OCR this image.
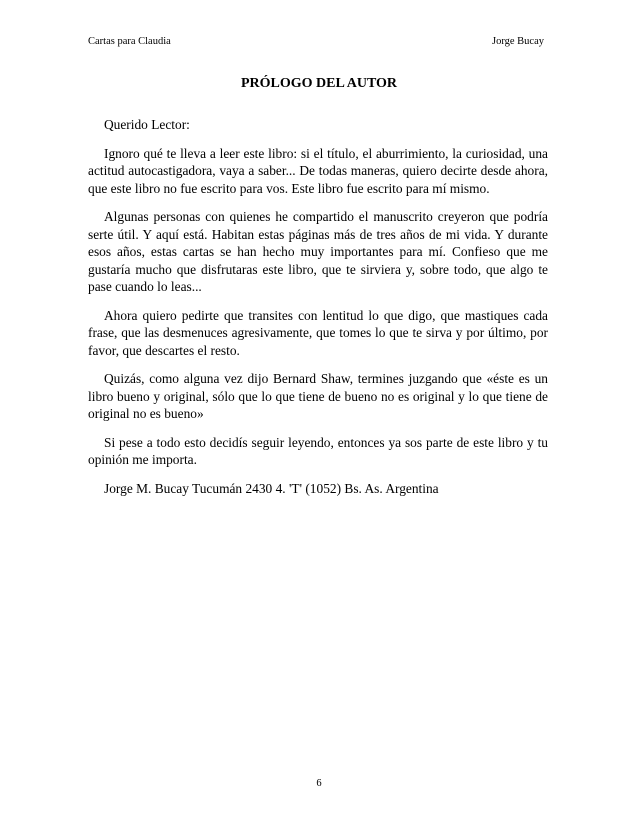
Cartas para Claudia	Jorge Bucay
PRÓLOGO DEL AUTOR

Querido Lector:

Ignoro qué te lleva a leer este libro: si el título, el aburrimiento, la curiosidad, una actitud autocastigadora, vaya a saber... De todas maneras, quiero decirte desde ahora, que este libro no fue escrito para vos. Este libro fue escrito para mí mismo.

Algunas personas con quienes he compartido el manuscrito creyeron que podría serte útil. Y aquí está. Habitan estas páginas más de tres años de mi vida. Y durante esos años, estas cartas se han hecho muy importantes para mí. Confieso que me gustaría mucho que disfrutaras este libro, que te sirviera y, sobre todo, que algo te pase cuando lo leas...

Ahora quiero pedirte que transites con lentitud lo que digo, que mastiques cada frase, que las desmenuces agresivamente, que tomes lo que te sirva y por último, por favor, que descartes el resto.

Quizás, como alguna vez dijo Bernard Shaw, termines juzgando que «éste es un libro bueno y original, sólo que lo que tiene de bueno no es original y lo que tiene de original no es bueno»

Si pese a todo esto decidís seguir leyendo, entonces ya sos parte de este libro y tu opinión me importa.

Jorge M. Bucay Tucumán 2430 4. 'T' (1052) Bs. As. Argentina

6
